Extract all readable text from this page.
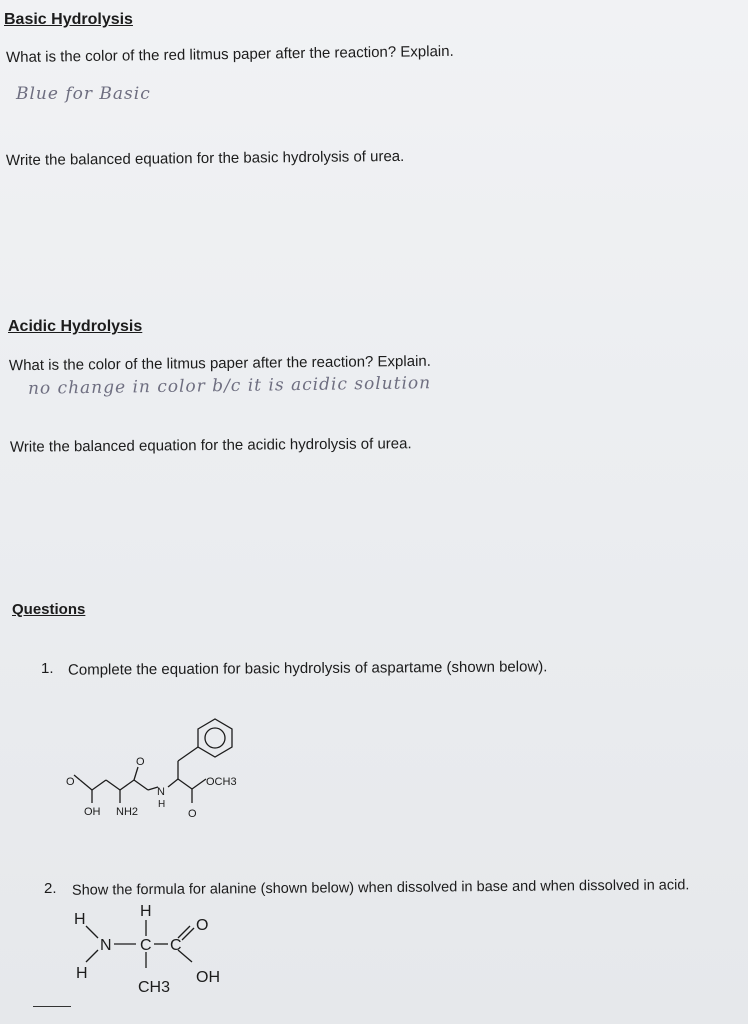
Basic Hydrolysis
What is the color of the red litmus paper after the reaction? Explain.
Blue for Basic
Write the balanced equation for the basic hydrolysis of urea.
Acidic Hydrolysis
What is the color of the litmus paper after the reaction? Explain.
no change in color b/c it is acidic solution
Write the balanced equation for the acidic hydrolysis of urea.
Questions
1. Complete the equation for basic hydrolysis of aspartame (shown below).
O
O	OCH3
N
H
OH NH2	O
2. Show the formula for alanine (shown below) when dissolved in base and when dissolved in acid.
H	H
O
N C C
H	OH
CH3
